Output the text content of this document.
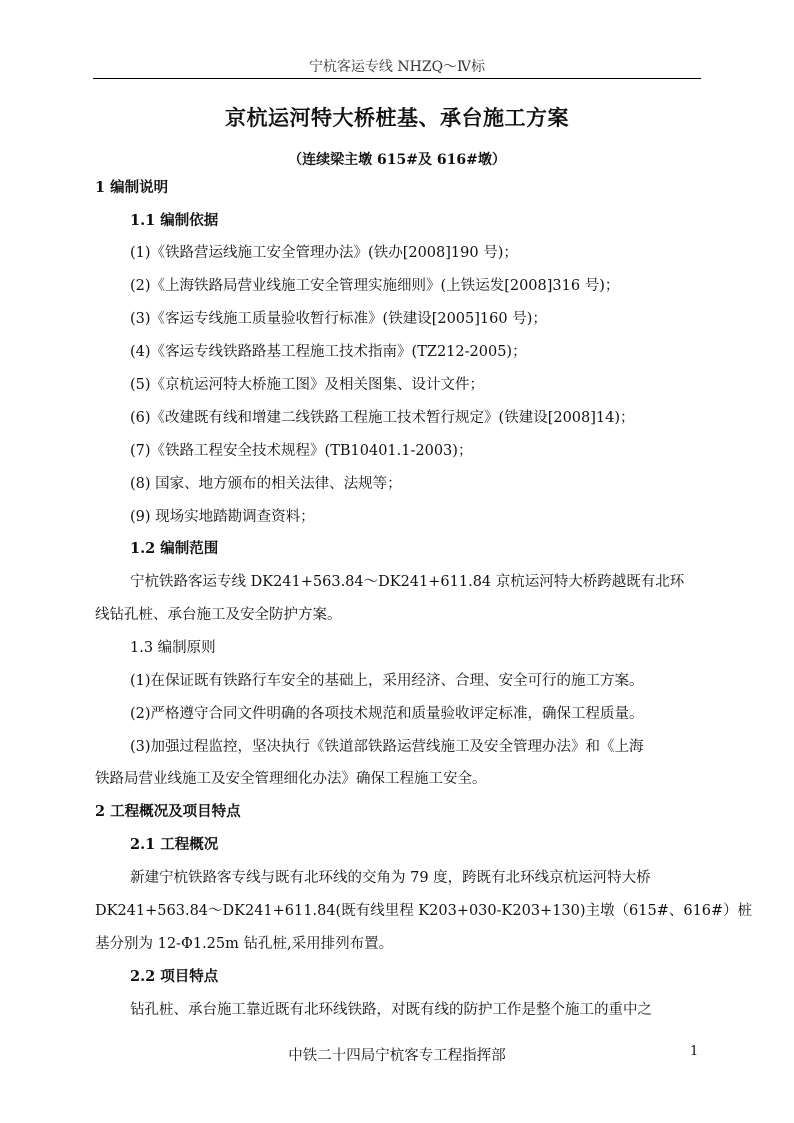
宁杭客运专线 NHZQ～Ⅳ标
京杭运河特大桥桩基、承台施工方案
（连续梁主墩 615#及 616#墩）
1 编制说明
1.1 编制依据
(1)《铁路营运线施工安全管理办法》(铁办[2008]190 号)；
(2)《上海铁路局营业线施工安全管理实施细则》(上铁运发[2008]316 号)；
(3)《客运专线施工质量验收暂行标准》(铁建设[2005]160 号)；
(4)《客运专线铁路路基工程施工技术指南》(TZ212-2005)；
(5)《京杭运河特大桥施工图》及相关图集、设计文件；
(6)《改建既有线和增建二线铁路工程施工技术暂行规定》(铁建设[2008]14)；
(7)《铁路工程安全技术规程》(TB10401.1-2003)；
(8) 国家、地方颁布的相关法律、法规等；
(9) 现场实地踏勘调查资料；
1.2 编制范围
宁杭铁路客运专线 DK241+563.84～DK241+611.84 京杭运河特大桥跨越既有北环
线钻孔桩、承台施工及安全防护方案。
1.3 编制原则
(1)在保证既有铁路行车安全的基础上，采用经济、合理、安全可行的施工方案。
(2)严格遵守合同文件明确的各项技术规范和质量验收评定标准，确保工程质量。
(3)加强过程监控，坚决执行《铁道部铁路运营线施工及安全管理办法》和《上海
铁路局营业线施工及安全管理细化办法》确保工程施工安全。
2 工程概况及项目特点
2.1 工程概况
新建宁杭铁路客专线与既有北环线的交角为 79 度，跨既有北环线京杭运河特大桥
DK241+563.84～DK241+611.84(既有线里程 K203+030-K203+130)主墩（615#、616#）桩
基分别为 12-Φ1.25m 钻孔桩,采用排列布置。
2.2 项目特点
钻孔桩、承台施工靠近既有北环线铁路，对既有线的防护工作是整个施工的重中之
中铁二十四局宁杭客专工程指挥部	1
